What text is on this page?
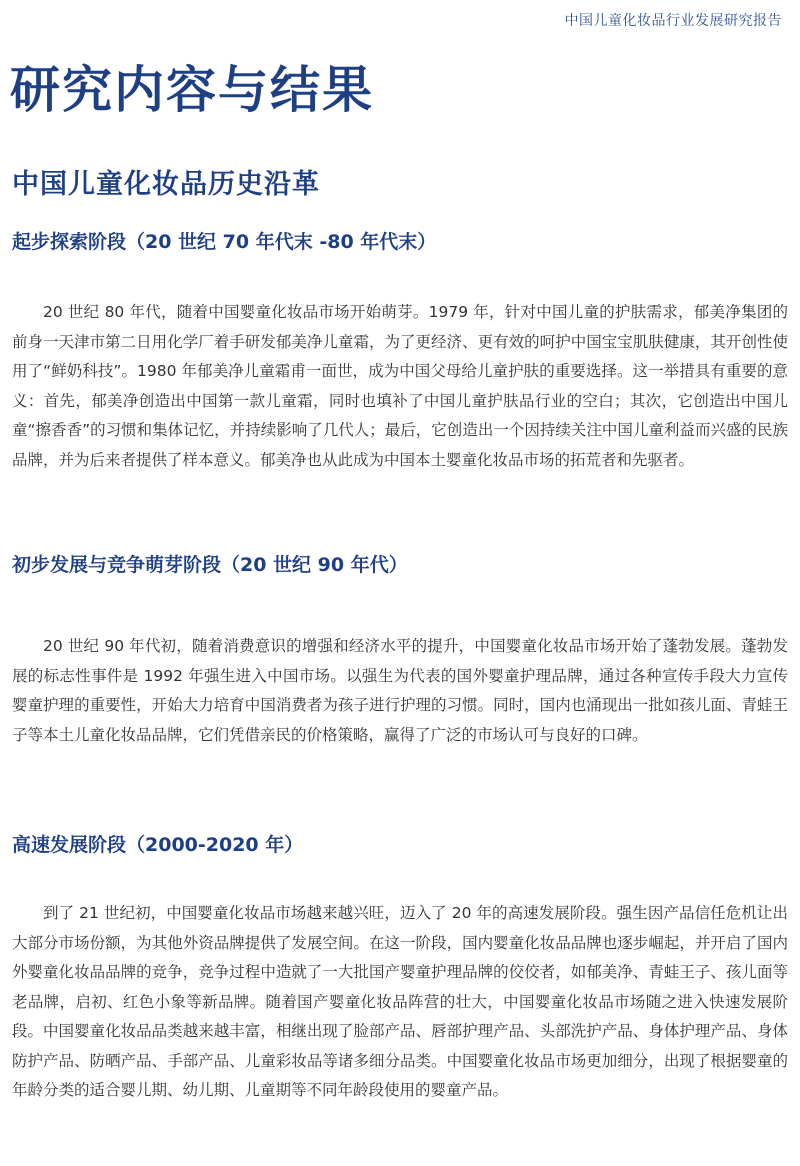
中国儿童化妆品行业发展研究报告
研究内容与结果
中国儿童化妆品历史沿革
起步探索阶段（20 世纪 70 年代末 -80 年代末）

20 世纪 80 年代，随着中国婴童化妆品市场开始萌芽。1979 年，针对中国儿童的护肤需求，郁美净集团的前身一天津市第二日用化学厂着手研发郁美净儿童霜，为了更经济、更有效的呵护中国宝宝肌肤健康，其开创性使用了“鲜奶科技”。1980 年郁美净儿童霜甫一面世，成为中国父母给儿童护肤的重要选择。这一举措具有重要的意义：首先，郁美净创造出中国第一款儿童霜，同时也填补了中国儿童护肤品行业的空白；其次，它创造出中国儿童“擦香香”的习惯和集体记忆，并持续影响了几代人；最后，它创造出一个因持续关注中国儿童利益而兴盛的民族品牌，并为后来者提供了样本意义。郁美净也从此成为中国本土婴童化妆品市场的拓荒者和先驱者。

初步发展与竞争萌芽阶段（20 世纪 90 年代）

20 世纪 90 年代初，随着消费意识的增强和经济水平的提升，中国婴童化妆品市场开始了蓬勃发展。蓬勃发展的标志性事件是 1992 年强生进入中国市场。以强生为代表的国外婴童护理品牌，通过各种宣传手段大力宣传婴童护理的重要性，开始大力培育中国消费者为孩子进行护理的习惯。同时，国内也涌现出一批如孩儿面、青蛙王子等本土儿童化妆品品牌，它们凭借亲民的价格策略，赢得了广泛的市场认可与良好的口碑。

高速发展阶段（2000-2020 年）

到了 21 世纪初，中国婴童化妆品市场越来越兴旺，迈入了 20 年的高速发展阶段。强生因产品信任危机让出大部分市场份额，为其他外资品牌提供了发展空间。在这一阶段，国内婴童化妆品品牌也逐步崛起，并开启了国内外婴童化妆品品牌的竞争，竞争过程中造就了一大批国产婴童护理品牌的佼佼者，如郁美净、青蛙王子、孩儿面等老品牌，启初、红色小象等新品牌。随着国产婴童化妆品阵营的壮大，中国婴童化妆品市场随之进入快速发展阶段。中国婴童化妆品品类越来越丰富，相继出现了脸部产品、唇部护理产品、头部洗护产品、身体护理产品、身体防护产品、防晒产品、手部产品、儿童彩妆品等诸多细分品类。中国婴童化妆品市场更加细分，出现了根据婴童的年龄分类的适合婴儿期、幼儿期、儿童期等不同年龄段使用的婴童产品。
